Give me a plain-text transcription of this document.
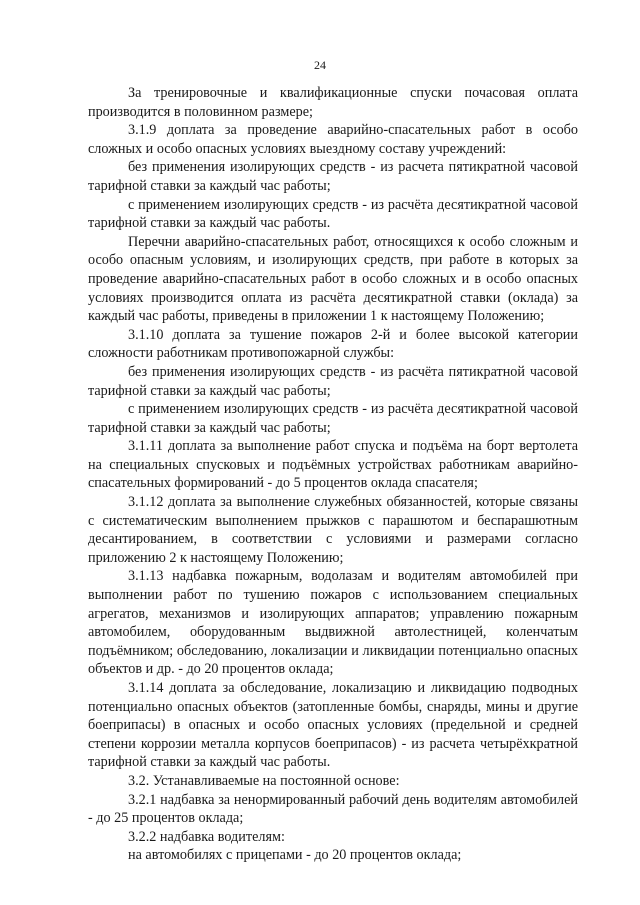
24

За тренировочные и квалификационные спуски почасовая оплата производится в половинном размере;

3.1.9 доплата за проведение аварийно-спасательных работ в особо сложных и особо опасных условиях выездному составу учреждений:

без применения изолирующих средств - из расчета пятикратной часовой тарифной ставки за каждый час работы;

с применением изолирующих средств - из расчёта десятикратной часовой тарифной ставки за каждый час работы.

Перечни аварийно-спасательных работ, относящихся к особо сложным и особо опасным условиям, и изолирующих средств, при работе в которых за проведение аварийно-спасательных работ в особо сложных и в особо опасных условиях производится оплата из расчёта десятикратной ставки (оклада) за каждый час работы, приведены в приложении 1 к настоящему Положению;

3.1.10 доплата за тушение пожаров 2-й и более высокой категории сложности работникам противопожарной службы:

без применения изолирующих средств - из расчёта пятикратной часовой тарифной ставки за каждый час работы;

с применением изолирующих средств - из расчёта десятикратной часовой тарифной ставки за каждый час работы;

3.1.11 доплата за выполнение работ спуска и подъёма на борт вертолета на специальных спусковых и подъёмных устройствах работникам аварийно-спасательных формирований - до 5 процентов оклада спасателя;

3.1.12 доплата за выполнение служебных обязанностей, которые связаны с систематическим выполнением прыжков с парашютом и беспарашютным десантированием, в соответствии с условиями и размерами согласно приложению 2 к настоящему Положению;

3.1.13 надбавка пожарным, водолазам и водителям автомобилей при выполнении работ по тушению пожаров с использованием специальных агрегатов, механизмов и изолирующих аппаратов; управлению пожарным автомобилем, оборудованным выдвижной автолестницей, коленчатым подъёмником; обследованию, локализации и ликвидации потенциально опасных объектов и др. - до 20 процентов оклада;

3.1.14 доплата за обследование, локализацию и ликвидацию подводных потенциально опасных объектов (затопленные бомбы, снаряды, мины и другие боеприпасы) в опасных и особо опасных условиях (предельной и средней степени коррозии металла корпусов боеприпасов) - из расчета четырёхкратной тарифной ставки за каждый час работы.

3.2. Устанавливаемые на постоянной основе:

3.2.1 надбавка за ненормированный рабочий день водителям автомобилей - до 25 процентов оклада;

3.2.2 надбавка водителям:

на автомобилях с прицепами - до 20 процентов оклада;
